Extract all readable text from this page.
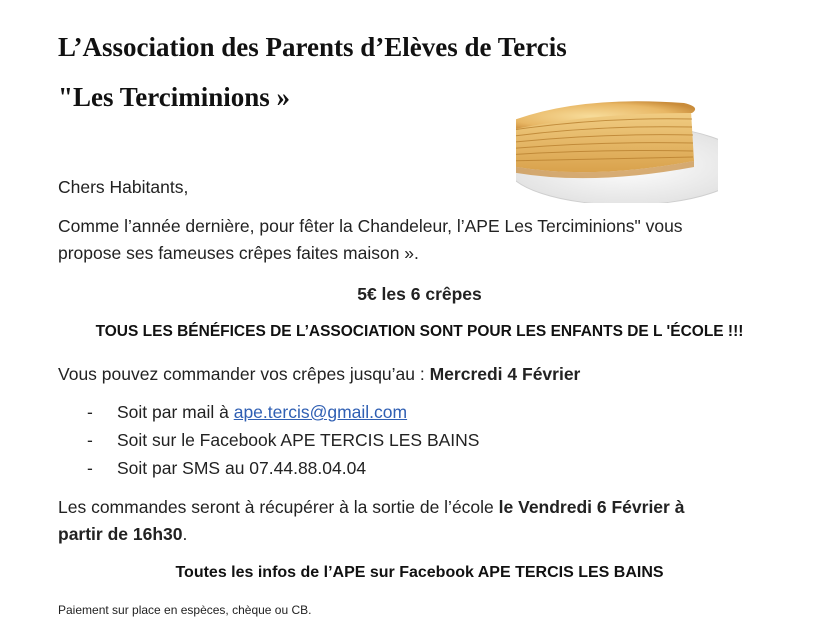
L’Association des Parents d’Elèves de Tercis
"Les Terciminions »
Chers Habitants,
Comme l’année dernière, pour fêter la Chandeleur, l’APE Les Terciminions" vous
propose ses fameuses crêpes faites maison ».
5€ les 6 crêpes
TOUS LES BÉNÉFICES DE L’ASSOCIATION SONT POUR LES ENFANTS DE L 'ÉCOLE !!!
Vous pouvez commander vos crêpes jusqu’au : Mercredi 4 Février
- Soit par mail à ape.tercis@gmail.com
- Soit sur le Facebook APE TERCIS LES BAINS
- Soit par SMS au 07.44.88.04.04
Les commandes seront à récupérer à la sortie de l’école le Vendredi 6 Février à
partir de 16h30.
Toutes les infos de l’APE sur Facebook APE TERCIS LES BAINS
Paiement sur place en espèces, chèque ou CB.
